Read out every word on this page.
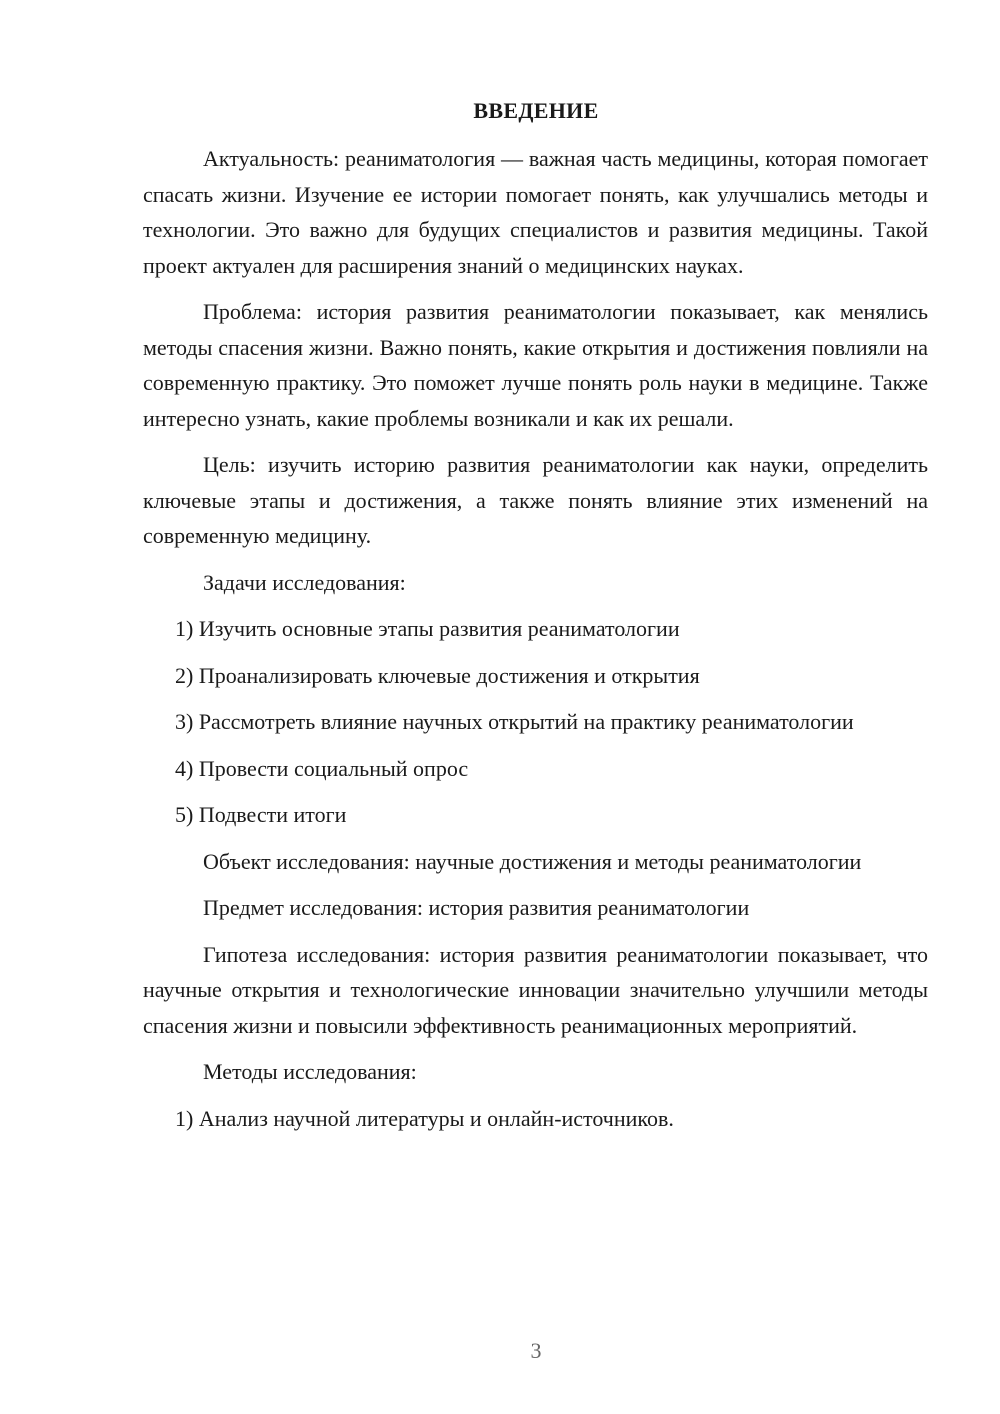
ВВЕДЕНИЕ

Актуальность: реаниматология — важная часть медицины, которая помогает спасать жизни. Изучение ее истории помогает понять, как улучшались методы и технологии. Это важно для будущих специалистов и развития медицины. Такой проект актуален для расширения знаний о медицинских науках.

Проблема: история развития реаниматологии показывает, как менялись методы спасения жизни. Важно понять, какие открытия и достижения повлияли на современную практику. Это поможет лучше понять роль науки в медицине. Также интересно узнать, какие проблемы возникали и как их решали.

Цель: изучить историю развития реаниматологии как науки, определить ключевые этапы и достижения, а также понять влияние этих изменений на современную медицину.

Задачи исследования:

1) Изучить основные этапы развития реаниматологии

2) Проанализировать ключевые достижения и открытия

3) Рассмотреть влияние научных открытий на практику реаниматологии

4) Провести социальный опрос

5) Подвести итоги

Объект исследования: научные достижения и методы реаниматологии

Предмет исследования: история развития реаниматологии

Гипотеза исследования: история развития реаниматологии показывает, что научные открытия и технологические инновации значительно улучшили методы спасения жизни и повысили эффективность реанимационных мероприятий.

Методы исследования:

1) Анализ научной литературы и онлайн-источников.

3
